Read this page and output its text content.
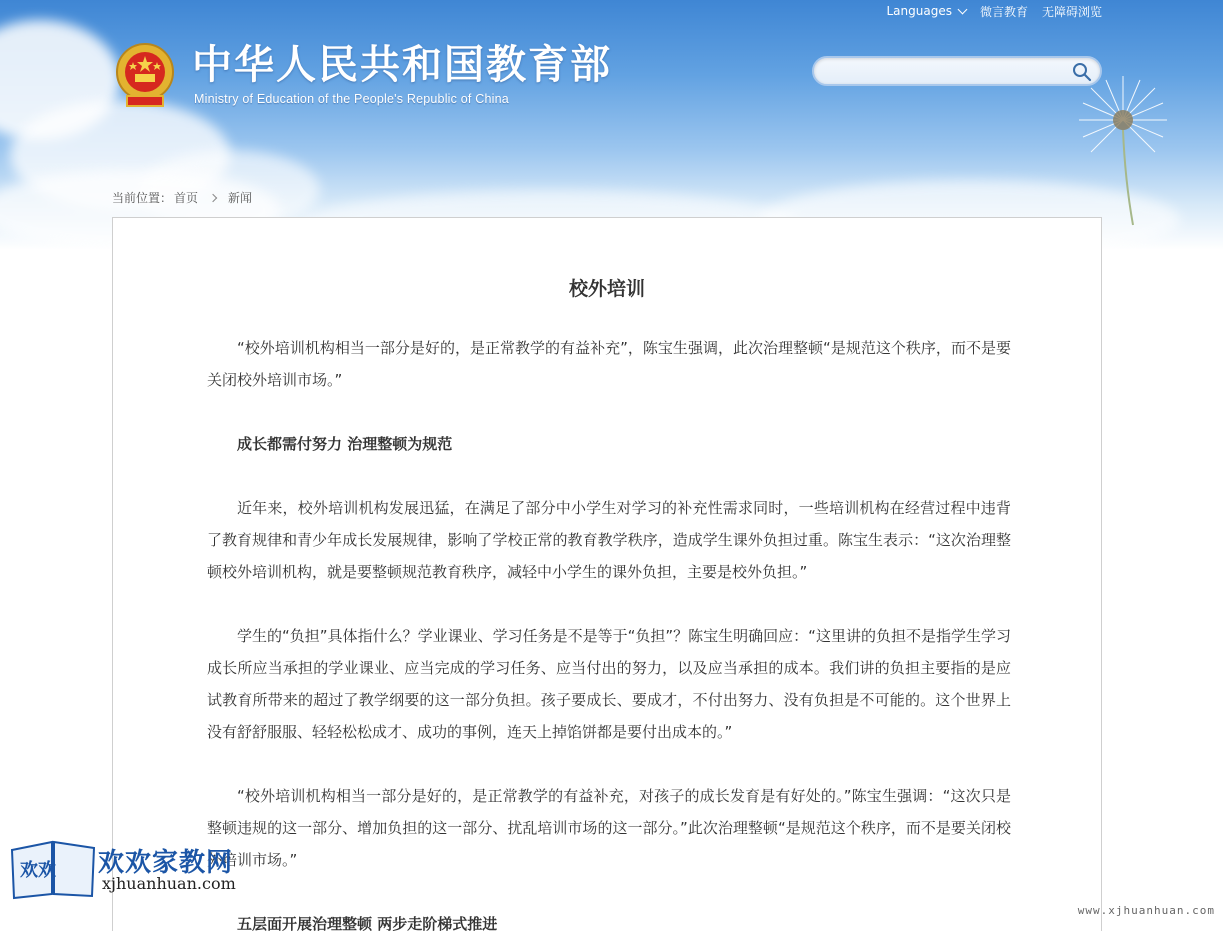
Languages 微言教育 无障碍浏览
中华人民共和国教育部
Ministry of Education of the People's Republic of China
当前位置： 首页	新闻
校外培训

“校外培训机构相当一部分是好的，是正常教学的有益补充”，陈宝生强调，此次治理整顿“是规范这个秩序，而不是要关闭校外培训市场。”

成长都需付努力 治理整顿为规范

近年来，校外培训机构发展迅猛，在满足了部分中小学生对学习的补充性需求同时，一些培训机构在经营过程中违背了教育规律和青少年成长发展规律，影响了学校正常的教育教学秩序，造成学生课外负担过重。陈宝生表示：“这次治理整顿校外培训机构，就是要整顿规范教育秩序，减轻中小学生的课外负担，主要是校外负担。”

学生的“负担”具体指什么？学业课业、学习任务是不是等于“负担”？陈宝生明确回应：“这里讲的负担不是指学生学习成长所应当承担的学业课业、应当完成的学习任务、应当付出的努力，以及应当承担的成本。我们讲的负担主要指的是应试教育所带来的超过了教学纲要的这一部分负担。孩子要成长、要成才，不付出努力、没有负担是不可能的。这个世界上没有舒舒服服、轻轻松松成才、成功的事例，连天上掉馅饼都是要付出成本的。”

“校外培训机构相当一部分是好的，是正常教学的有益补充，对孩子的成长发育是有好处的。”陈宝生强调：“这次只是整顿违规的这一部分、增加负担的这一部分、扰乱培训市场的这一部分。”此次治理整顿“是规范这个秩序，而不是要关闭校外培训市场。”

五层面开展治理整顿 两步走阶梯式推进

欢欢 欢欢家教网
xjhuanhuan.com
www.xjhuanhuan.com
